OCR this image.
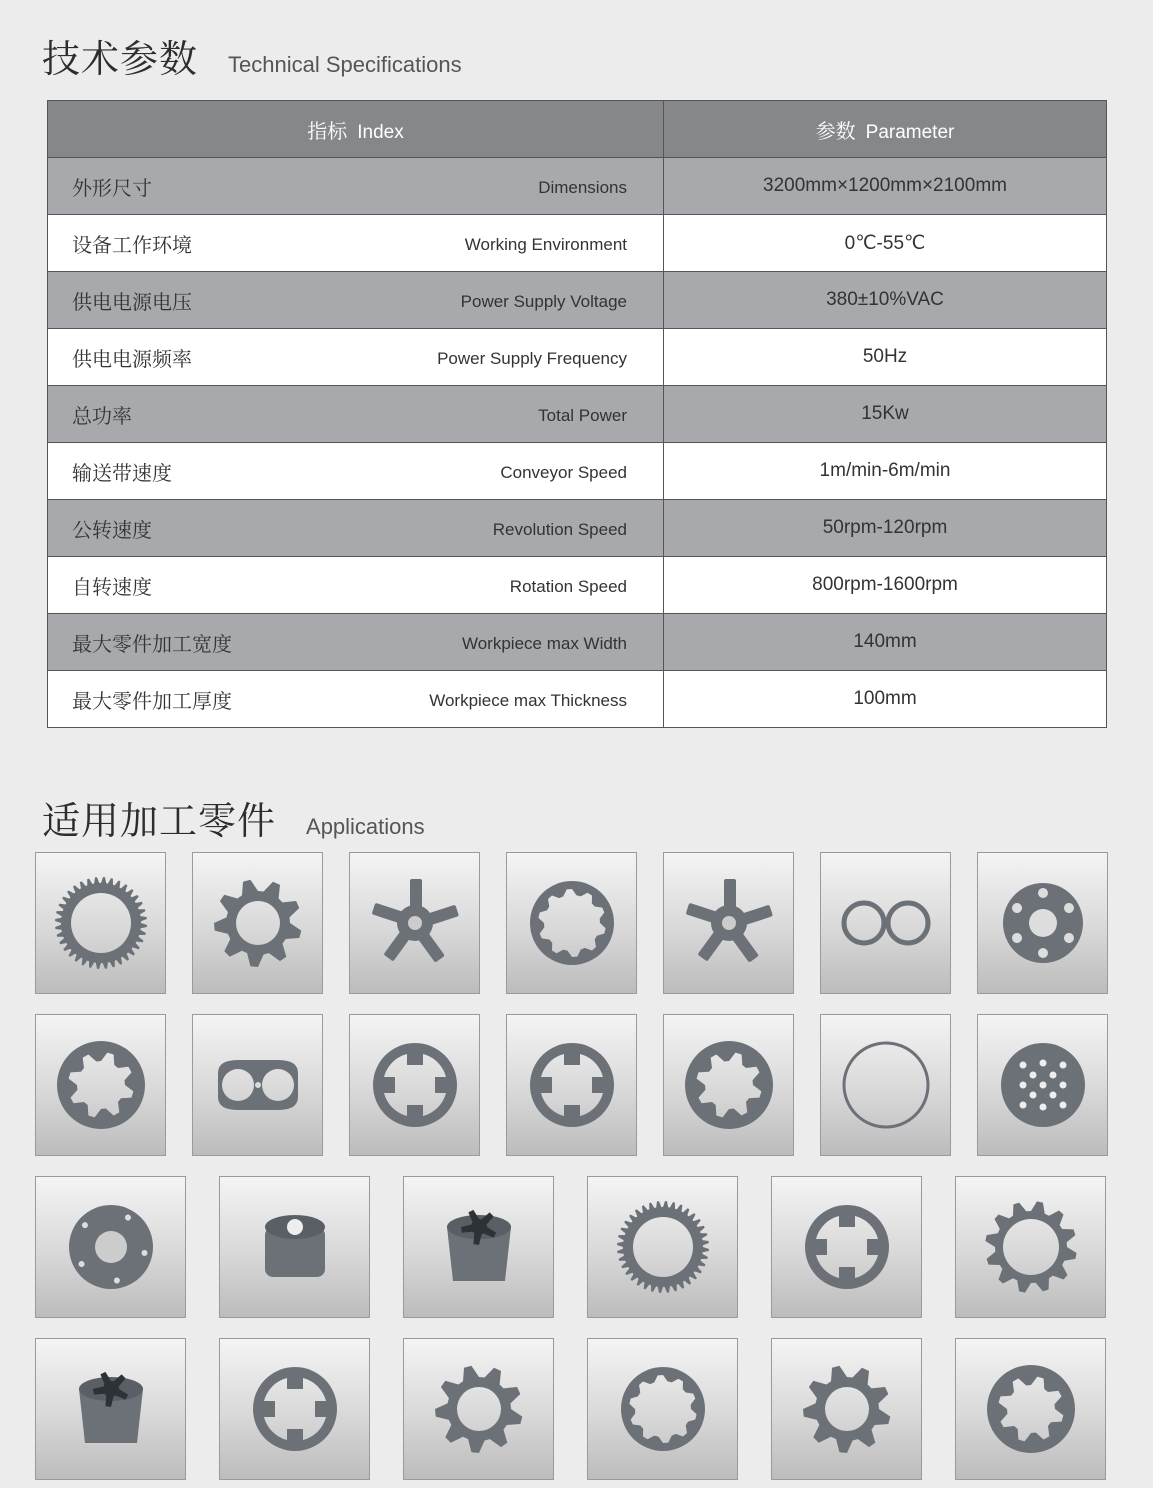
技术参数 Technical Specifications
指标 Index	参数 Parameter

外形尺寸 Dimensions	3200mm×1200mm×2100mm

设备工作环境 Working Environment	0℃-55℃

供电电源电压 Power Supply Voltage	380±10%VAC

供电电源频率 Power Supply Frequency	50Hz

总功率 Total Power	15Kw

输送带速度 Conveyor Speed	1m/min-6m/min

公转速度 Revolution Speed	50rpm-120rpm

自转速度 Rotation Speed	800rpm-1600rpm

最大零件加工宽度 Workpiece max Width	140mm

最大零件加工厚度 Workpiece max Thickness	100mm
适用加工零件 Applications
